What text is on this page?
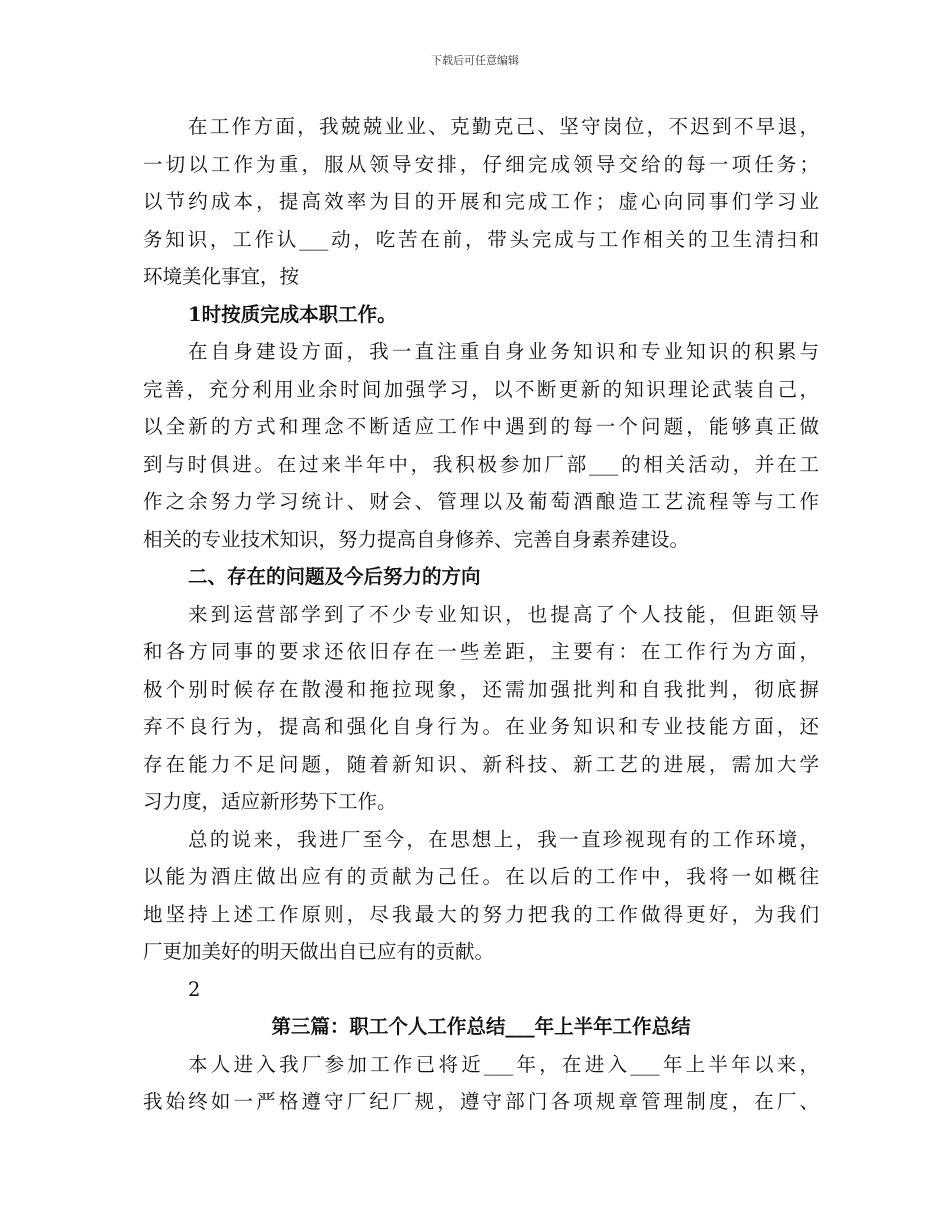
下载后可任意编辑
在工作方面，我兢兢业业、克勤克己、坚守岗位，不迟到不早退，
一切以工作为重，服从领导安排，仔细完成领导交给的每一项任务；
以节约成本，提高效率为目的开展和完成工作；虚心向同事们学习业
务知识，工作认___动，吃苦在前，带头完成与工作相关的卫生清扫和
环境美化事宜，按
1时按质完成本职工作。
在自身建设方面，我一直注重自身业务知识和专业知识的积累与
完善，充分利用业余时间加强学习，以不断更新的知识理论武装自己，
以全新的方式和理念不断适应工作中遇到的每一个问题，能够真正做
到与时俱进。在过来半年中，我积极参加厂部___的相关活动，并在工
作之余努力学习统计、财会、管理以及葡萄酒酿造工艺流程等与工作
相关的专业技术知识，努力提高自身修养、完善自身素养建设。
二、存在的问题及今后努力的方向
来到运营部学到了不少专业知识，也提高了个人技能，但距领导
和各方同事的要求还依旧存在一些差距，主要有：在工作行为方面，
极个别时候存在散漫和拖拉现象，还需加强批判和自我批判，彻底摒
弃不良行为，提高和强化自身行为。在业务知识和专业技能方面，还
存在能力不足问题，随着新知识、新科技、新工艺的进展，需加大学
习力度，适应新形势下工作。
总的说来，我进厂至今，在思想上，我一直珍视现有的工作环境，
以能为酒庄做出应有的贡献为己任。在以后的工作中，我将一如概往
地坚持上述工作原则，尽我最大的努力把我的工作做得更好，为我们
厂更加美好的明天做出自已应有的贡献。
2
第三篇：职工个人工作总结___年上半年工作总结
本人进入我厂参加工作已将近___年，在进入___年上半年以来，
我始终如一严格遵守厂纪厂规，遵守部门各项规章管理制度，在厂、
